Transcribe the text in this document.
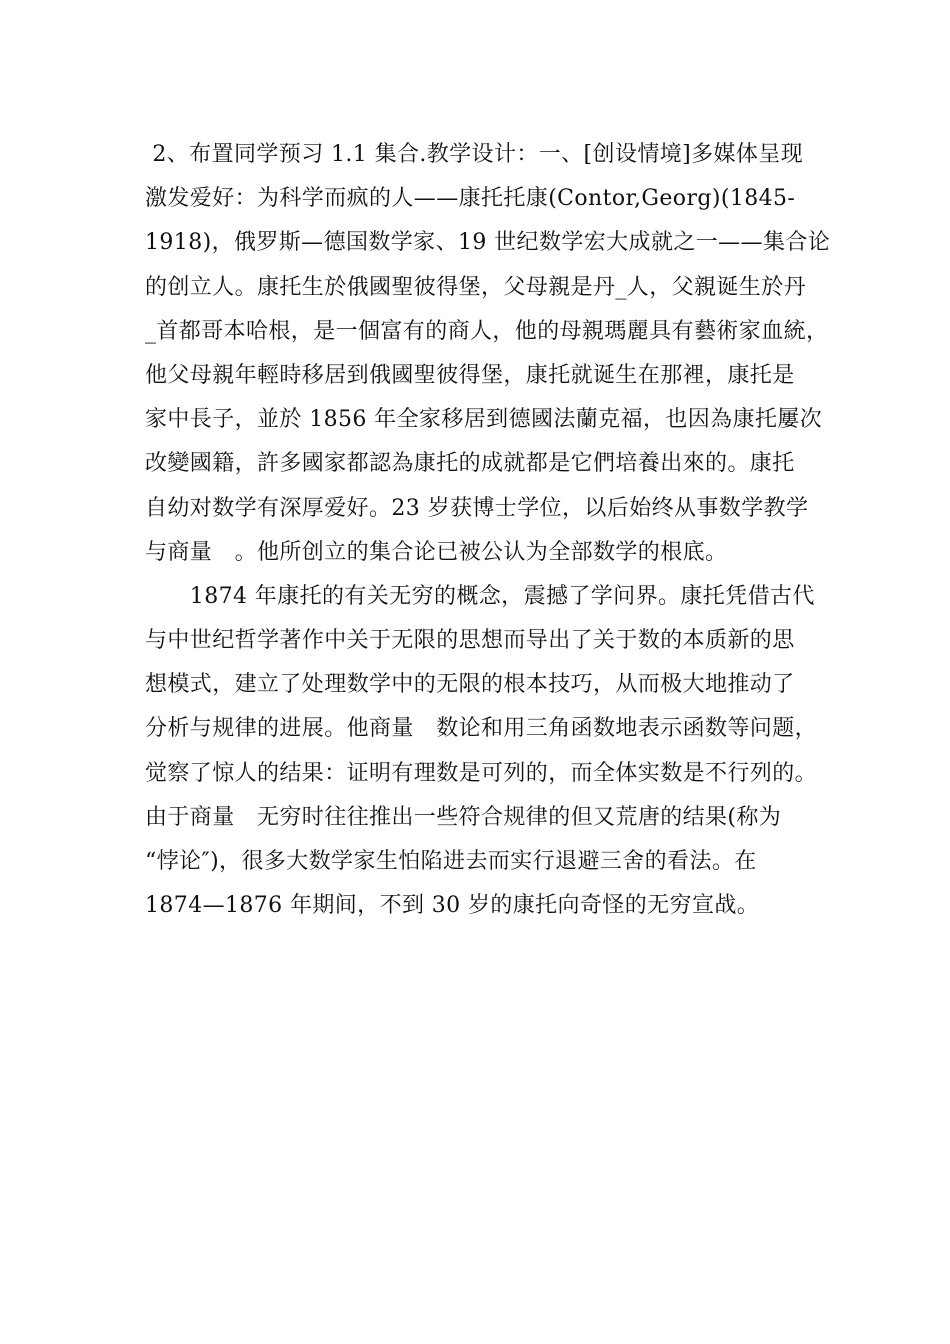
2、布置同学预习 1.1 集合.教学设计：一、[创设情境]多媒体呈现
激发爱好：为科学而疯的人——康托托康(Contor,Georg)(1845-
1918)，俄罗斯—德国数学家、19 世纪数学宏大成就之一——集合论
的创立人。康托生於俄國聖彼得堡，父母親是丹_人，父親诞生於丹
_首都哥本哈根，是一個富有的商人，他的母親瑪麗具有藝術家血統，
他父母親年輕時移居到俄國聖彼得堡，康托就诞生在那裡，康托是
家中長子，並於 1856 年全家移居到德國法蘭克福，也因為康托屢次
改變國籍，許多國家都認為康托的成就都是它們培養出來的。康托
自幼对数学有深厚爱好。23 岁获博士学位，以后始终从事数学教学
与商量　。他所创立的集合论已被公认为全部数学的根底。
　　1874 年康托的有关无穷的概念，震撼了学问界。康托凭借古代
与中世纪哲学著作中关于无限的思想而导出了关于数的本质新的思
想模式，建立了处理数学中的无限的根本技巧，从而极大地推动了
分析与规律的进展。他商量　数论和用三角函数地表示函数等问题，
觉察了惊人的结果：证明有理数是可列的，而全体实数是不行列的。
由于商量　无穷时往往推出一些符合规律的但又荒唐的结果(称为
“悖论″)，很多大数学家生怕陷进去而实行退避三舍的看法。在
1874—1876 年期间，不到 30 岁的康托向奇怪的无穷宣战。
